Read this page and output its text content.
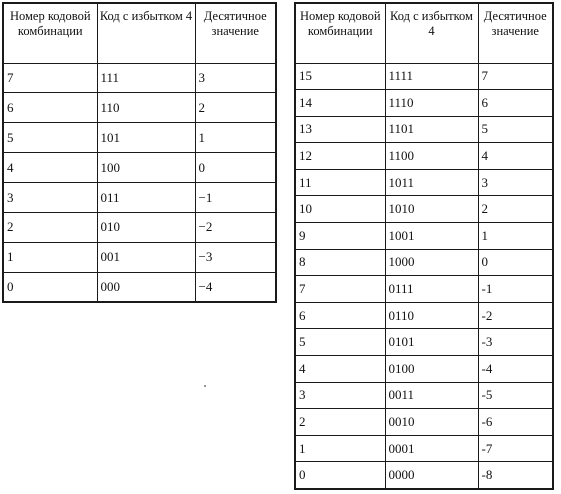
Номер кодовой комбинации	Код с избытком 4	Десятичное значение
7	111	3
6	110	2
5	101	1
4	100	0
3	011	−1
2	010	−2
1	001	−3
0	000	−4
Номер кодовой комбинации	Код с избытком 4	Десятичное значение
15	1111	7
14	1110	6
13	1101	5
12	1100	4
11	1011	3
10	1010	2
9	1001	1
8	1000	0
7	0111	-1
6	0110	-2
5	0101	-3
4	0100	-4
3	0011	-5
2	0010	-6
1	0001	-7
0	0000	-8
